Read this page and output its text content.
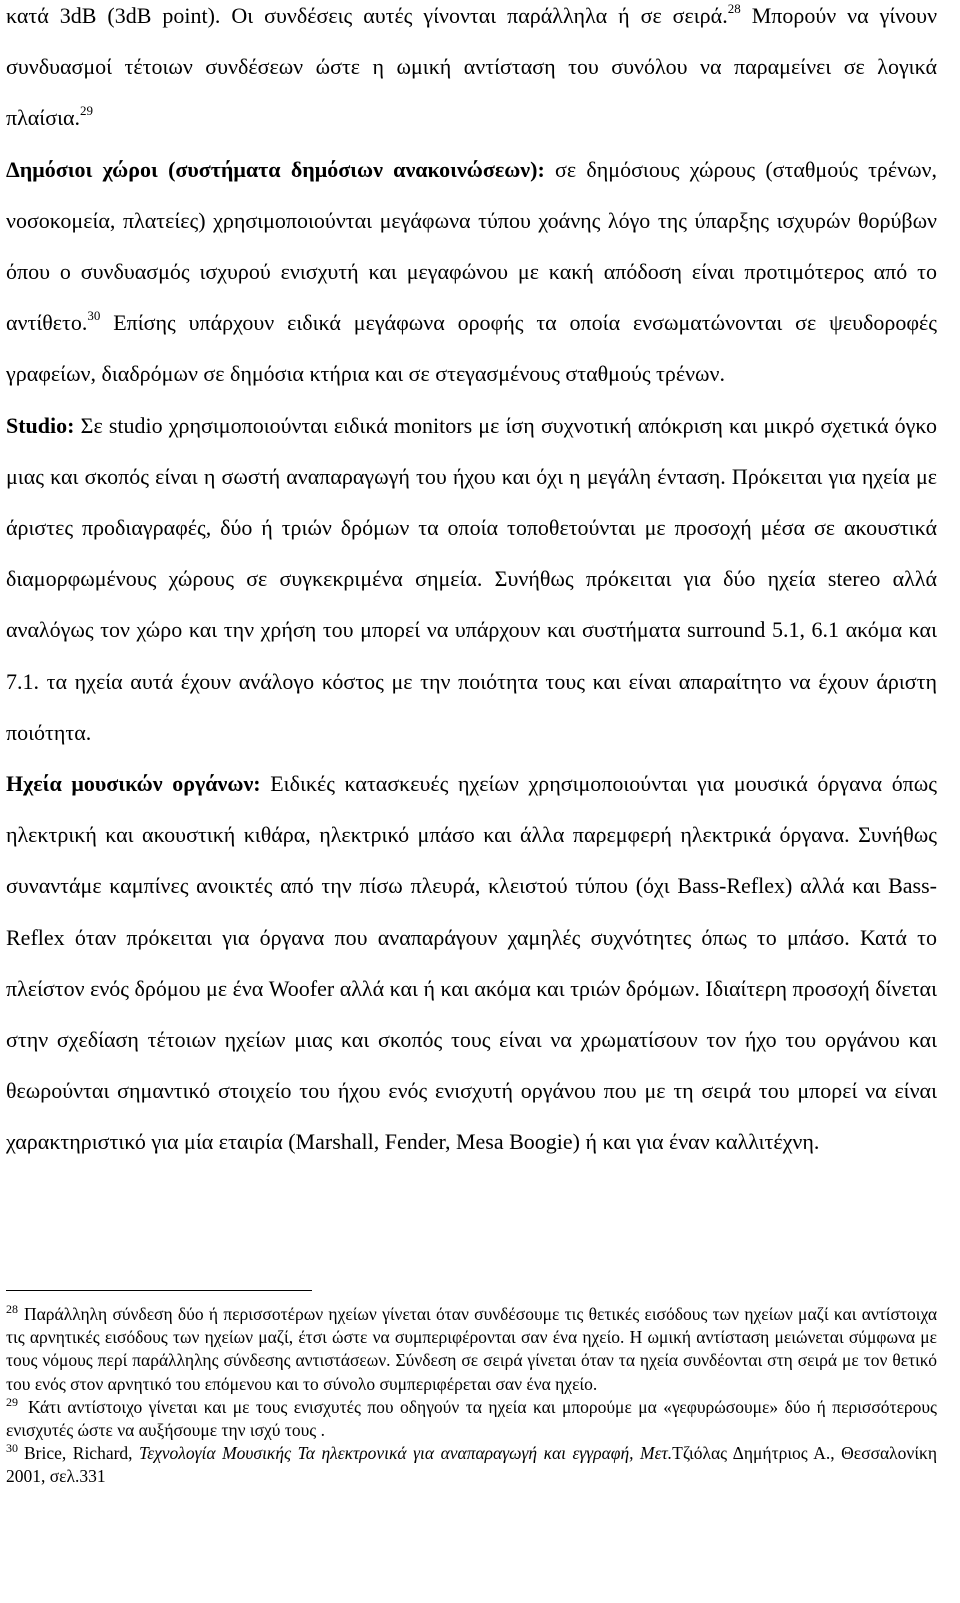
κατά 3dB (3dB point). Οι συνδέσεις αυτές γίνονται παράλληλα ή σε σειρά.$^{28}$ Μπορούν να γίνουν συνδυασμοί τέτοιων συνδέσεων ώστε η ωμική αντίσταση του συνόλου να παραμείνει σε λογικά πλαίσια.$^{29}$

Δημόσιοι χώροι (συστήματα δημόσιων ανακοινώσεων): σε δημόσιους χώρους (σταθμούς τρένων, νοσοκομεία, πλατείες) χρησιμοποιούνται μεγάφωνα τύπου χοάνης λόγο της ύπαρξης ισχυρών θορύβων όπου ο συνδυασμός ισχυρού ενισχυτή και μεγαφώνου με κακή απόδοση είναι προτιμότερος από το αντίθετο.$^{30}$ Επίσης υπάρχουν ειδικά μεγάφωνα οροφής τα οποία ενσωματώνονται σε ψευδοροφές γραφείων, διαδρόμων σε δημόσια κτήρια και σε στεγασμένους σταθμούς τρένων.

Studio: Σε studio χρησιμοποιούνται ειδικά monitors με ίση συχνοτική απόκριση και μικρό σχετικά όγκο μιας και σκοπός είναι η σωστή αναπαραγωγή του ήχου και όχι η μεγάλη ένταση. Πρόκειται για ηχεία με άριστες προδιαγραφές, δύο ή τριών δρόμων τα οποία τοποθετούνται με προσοχή μέσα σε ακουστικά διαμορφωμένους χώρους σε συγκεκριμένα σημεία. Συνήθως πρόκειται για δύο ηχεία stereo αλλά αναλόγως τον χώρο και την χρήση του μπορεί να υπάρχουν και συστήματα surround 5.1, 6.1 ακόμα και 7.1. τα ηχεία αυτά έχουν ανάλογο κόστος με την ποιότητα τους και είναι απαραίτητο να έχουν άριστη ποιότητα.

Ηχεία μουσικών οργάνων: Ειδικές κατασκευές ηχείων χρησιμοποιούνται για μουσικά όργανα όπως ηλεκτρική και ακουστική κιθάρα, ηλεκτρικό μπάσο και άλλα παρεμφερή ηλεκτρικά όργανα. Συνήθως συναντάμε καμπίνες ανοικτές από την πίσω πλευρά, κλειστού τύπου (όχι Bass-Reflex) αλλά και Bass-Reflex όταν πρόκειται για όργανα που αναπαράγουν χαμηλές συχνότητες όπως το μπάσο. Κατά το πλείστον ενός δρόμου με ένα Woofer αλλά και ή και ακόμα και τριών δρόμων. Ιδιαίτερη προσοχή δίνεται στην σχεδίαση τέτοιων ηχείων μιας και σκοπός τους είναι να χρωματίσουν τον ήχο του οργάνου και θεωρούνται σημαντικό στοιχείο του ήχου ενός ενισχυτή οργάνου που με τη σειρά του μπορεί να είναι χαρακτηριστικό για μία εταιρία (Marshall, Fender, Mesa Boogie) ή και για έναν καλλιτέχνη.

$^{28}$ Παράλληλη σύνδεση δύο ή περισσοτέρων ηχείων γίνεται όταν συνδέσουμε τις θετικές εισόδους των ηχείων μαζί και αντίστοιχα τις αρνητικές εισόδους των ηχείων μαζί, έτσι ώστε να συμπεριφέρονται σαν ένα ηχείο. Η ωμική αντίσταση μειώνεται σύμφωνα με τους νόμους περί παράλληλης σύνδεσης αντιστάσεων. Σύνδεση σε σειρά γίνεται όταν τα ηχεία συνδέονται στη σειρά με τον θετικό του ενός στον αρνητικό του επόμενου και το σύνολο συμπεριφέρεται σαν ένα ηχείο.

$^{29}$ Κάτι αντίστοιχο γίνεται και με τους ενισχυτές που οδηγούν τα ηχεία και μπορούμε μα «γεφυρώσουμε» δύο ή περισσότερους ενισχυτές ώστε να αυξήσουμε την ισχύ τους .

$^{30}$ Brice, Richard, Τεχνολογία Μουσικής Τα ηλεκτρονικά για αναπαραγωγή και εγγραφή, Μετ.Τζιόλας Δημήτριος Α., Θεσσαλονίκη 2001, σελ.331
